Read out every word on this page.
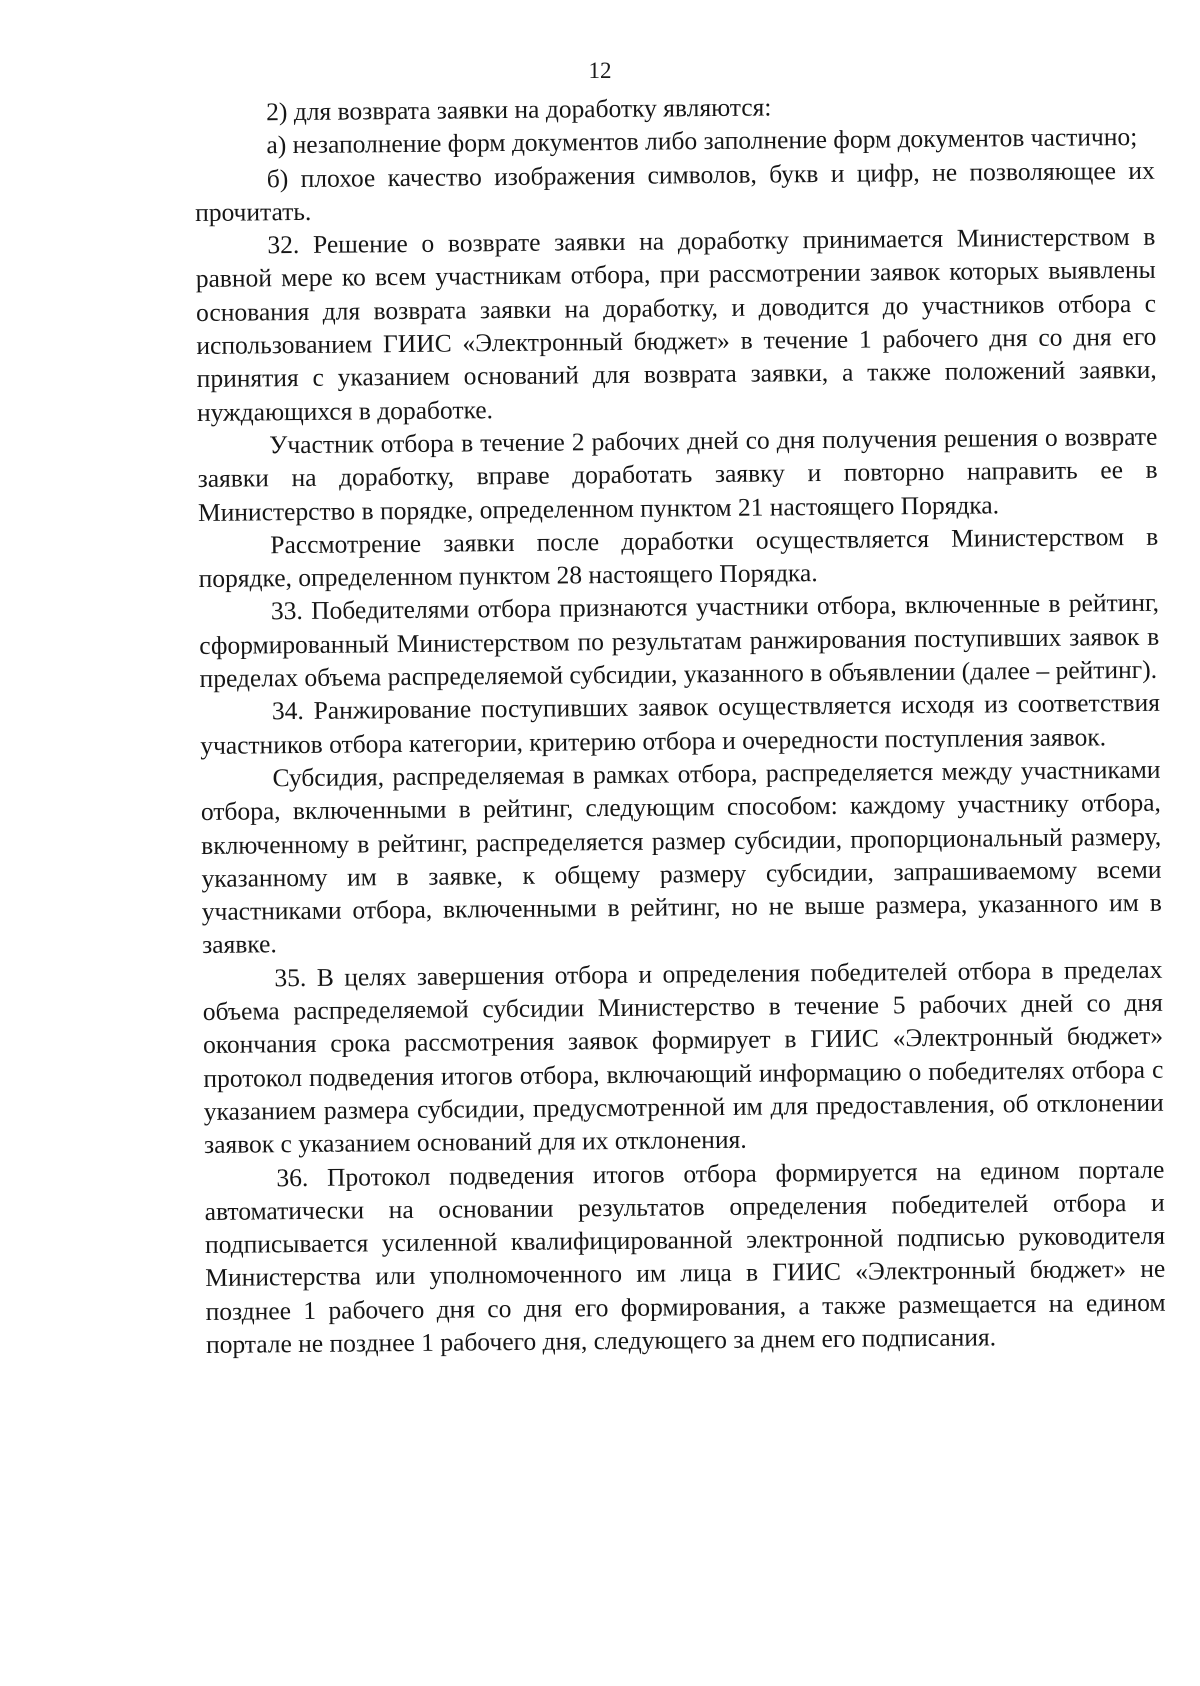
12

2) для возврата заявки на доработку являются:

а) незаполнение форм документов либо заполнение форм документов частично;

б) плохое качество изображения символов, букв и цифр, не позволяющее их прочитать.

32. Решение о возврате заявки на доработку принимается Министерством в равной мере ко всем участникам отбора, при рассмотрении заявок которых выявлены основания для возврата заявки на доработку, и доводится до участников отбора с использованием ГИИС «Электронный бюджет» в течение 1 рабочего дня со дня его принятия с указанием оснований для возврата заявки, а также положений заявки, нуждающихся в доработке.

Участник отбора в течение 2 рабочих дней со дня получения решения о возврате заявки на доработку, вправе доработать заявку и повторно направить ее в Министерство в порядке, определенном пунктом 21 настоящего Порядка.

Рассмотрение заявки после доработки осуществляется Министерством в порядке, определенном пунктом 28 настоящего Порядка.

33. Победителями отбора признаются участники отбора, включенные в рейтинг, сформированный Министерством по результатам ранжирования поступивших заявок в пределах объема распределяемой субсидии, указанного в объявлении (далее – рейтинг).

34. Ранжирование поступивших заявок осуществляется исходя из соответствия участников отбора категории, критерию отбора и очередности поступления заявок.

Субсидия, распределяемая в рамках отбора, распределяется между участниками отбора, включенными в рейтинг, следующим способом: каждому участнику отбора, включенному в рейтинг, распределяется размер субсидии, пропорциональный размеру, указанному им в заявке, к общему размеру субсидии, запрашиваемому всеми участниками отбора, включенными в рейтинг, но не выше размера, указанного им в заявке.

35. В целях завершения отбора и определения победителей отбора в пределах объема распределяемой субсидии Министерство в течение 5 рабочих дней со дня окончания срока рассмотрения заявок формирует в ГИИС «Электронный бюджет» протокол подведения итогов отбора, включающий информацию о победителях отбора с указанием размера субсидии, предусмотренной им для предоставления, об отклонении заявок с указанием оснований для их отклонения.

36. Протокол подведения итогов отбора формируется на едином портале автоматически на основании результатов определения победителей отбора и подписывается усиленной квалифицированной электронной подписью руководителя Министерства или уполномоченного им лица в ГИИС «Электронный бюджет» не позднее 1 рабочего дня со дня его формирования, а также размещается на едином портале не позднее 1 рабочего дня, следующего за днем его подписания.
